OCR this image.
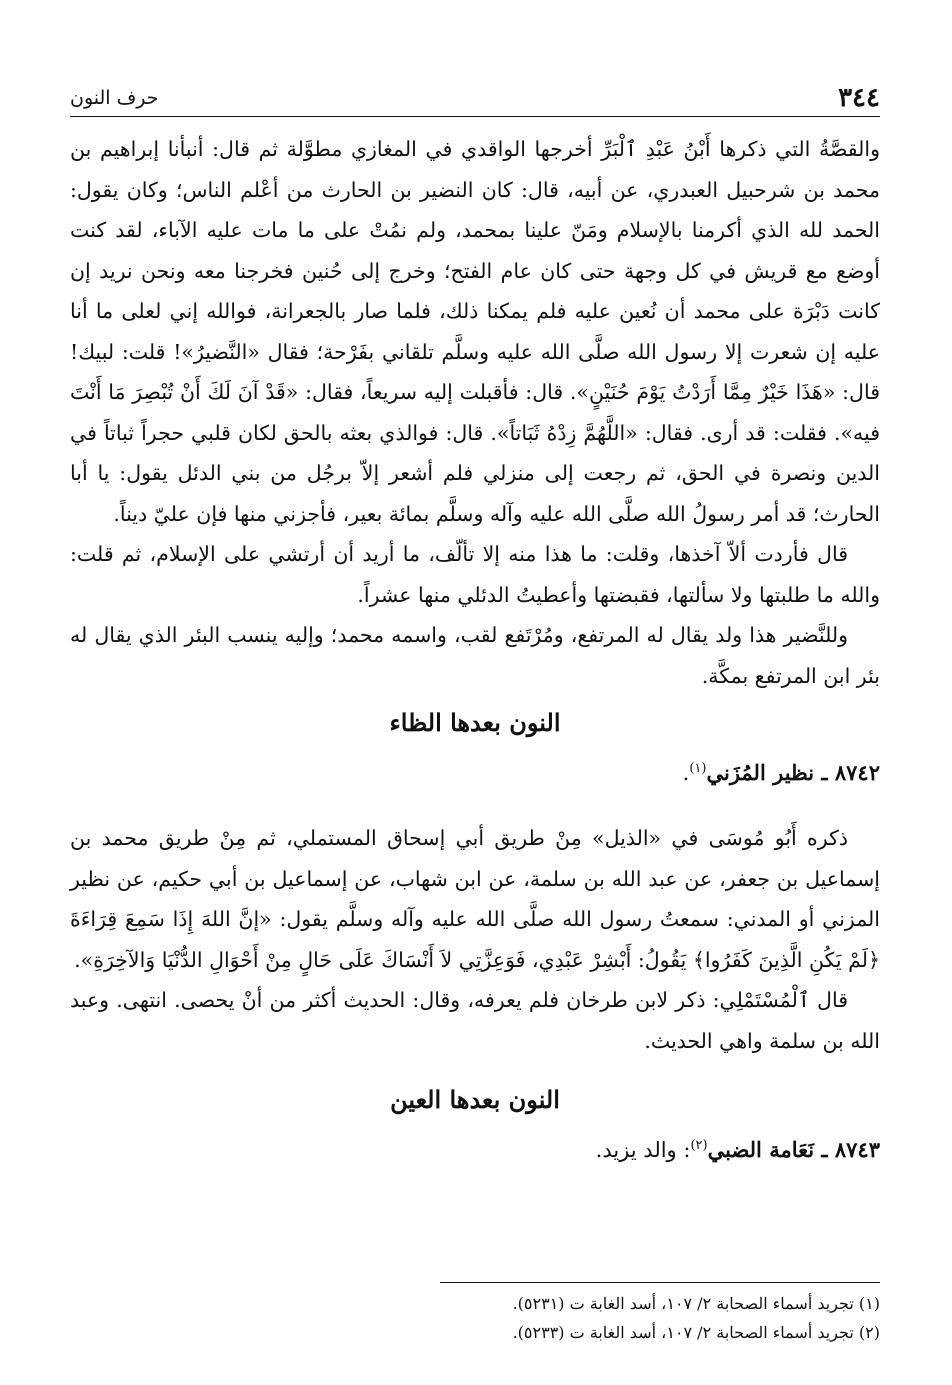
٣٤٤
حرف النون

والقصَّةُ التي ذكرها أَبْنُ عَبْدِ ٱلْبَرِّ أخرجها الواقدي في المغازي مطوَّلة ثم قال: أنبأنا إبراهيم بن محمد بن شرحبيل العبدري، عن أبيه، قال: كان النضير بن الحارث من أعْلم الناس؛ وكان يقول: الحمد لله الذي أكرمنا بالإسلام ومَنّ علينا بمحمد، ولم نمُتْ على ما مات عليه الآباء، لقد كنت أوضع مع قريش في كل وجهة حتى كان عام الفتح؛ وخرج إلى حُنين فخرجنا معه ونحن نريد إن كانت دَبْرَة على محمد أن نُعين عليه فلم يمكنا ذلك، فلما صار بالجعرانة، فوالله إني لعلى ما أنا عليه إن شعرت إلا رسول الله صلَّى الله عليه وسلَّم تلقاني بفَرْحة؛ فقال «النَّضيرُ»! قلت: لبيك! قال: «هَذَا خَيْرٌ مِمَّا أَرَدْتُ يَوْمَ حُنَيْنٍ». قال: فأقبلت إليه سريعاً، فقال: «قَدْ آنَ لَكَ أَنْ تُبْصِرَ مَا أَنْتَ فيه». فقلت: قد أرى. فقال: «اللَّهُمَّ زِدْهُ ثَبَاتاً». قال: فوالذي بعثه بالحق لكان قلبي حجراً ثباتاً في الدين ونصرة في الحق، ثم رجعت إلى منزلي فلم أشعر إلاّ برجُل من بني الدئل يقول: يا أبا الحارث؛ قد أمر رسولُ الله صلَّى الله عليه وآله وسلَّم بمائة بعير، فأجزني منها فإن عليّ ديناً.

قال فأردت ألاّ آخذها، وقلت: ما هذا منه إلا تألّف، ما أريد أن أرتشي على الإسلام، ثم قلت: والله ما طلبتها ولا سألتها، فقبضتها وأعطيتُ الدئلي منها عشراً.

وللنَّضير هذا ولد يقال له المرتفع، ومُرْتَفع لقب، واسمه محمد؛ وإليه ينسب البئر الذي يقال له بئر ابن المرتفع بمكَّة.

النون بعدها الظاء
٨٧٤٢ ـ نظير المُزَني$^{(١)}$.

ذكره أَبُو مُوسَى في «الذيل» مِنْ طريق أبي إسحاق المستملي، ثم مِنْ طريق محمد بن إسماعيل بن جعفر، عن عبد الله بن سلمة، عن ابن شهاب، عن إسماعيل بن أبي حكيم، عن نظير المزني أو المدني: سمعتُ رسول الله صلَّى الله عليه وآله وسلَّم يقول: «إنَّ اللهَ إِذَا سَمِعَ قِرَاءَةَ ﴿لَمْ يَكُنِ الَّذِينَ كَفَرُوا﴾ يَقُولُ: أَبْشِرْ عَبْدِي، فَوَعِزَّتِي لاَ أَنْسَاكَ عَلَى حَالٍ مِنْ أَحْوَالِ الدُّنْيَا وَالآخِرَةِ».

قال ٱلْمُسْتَمْلِي: ذكر لابن طرخان فلم يعرفه، وقال: الحديث أكثر من أنْ يحصى. انتهى. وعبد الله بن سلمة واهي الحديث.

النون بعدها العين
٨٧٤٣ ـ نَعَامة الضبي$^{(٢)}$: والد يزيد.
(١) تجريد أسماء الصحابة ٢/ ١٠٧، أسد الغابة ت (٥٢٣١).
(٢) تجريد أسماء الصحابة ٢/ ١٠٧، أسد الغابة ت (٥٢٣٣).
